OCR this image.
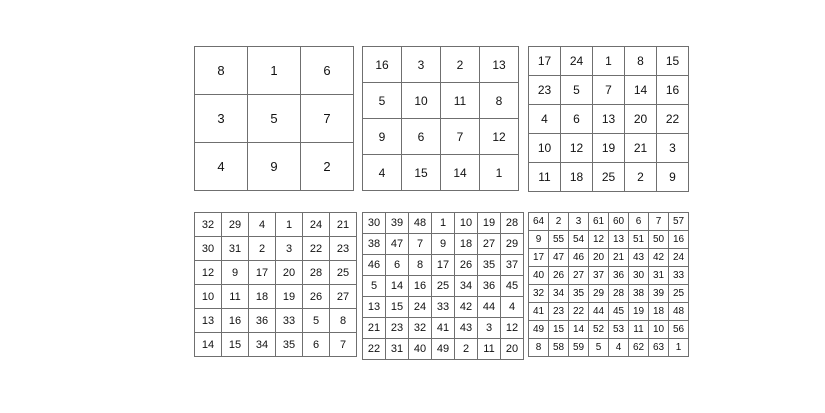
8	1	6
3	5	7
4	9	2
16	3	2	13
5	10	11	8
9	6	7	12
4	15	14	1
17	24	1	8	15
23	5	7	14	16
4	6	13	20	22
10	12	19	21	3
11	18	25	2	9
32	29	4	1	24	21
30	31	2	3	22	23
12	9	17	20	28	25
10	11	18	19	26	27
13	16	36	33	5	8
14	15	34	35	6	7
30	39	48	1	10	19	28
38	47	7	9	18	27	29
46	6	8	17	26	35	37
5	14	16	25	34	36	45
13	15	24	33	42	44	4
21	23	32	41	43	3	12
22	31	40	49	2	11	20
64	2	3	61	60	6	7	57
9	55	54	12	13	51	50	16
17	47	46	20	21	43	42	24
40	26	27	37	36	30	31	33
32	34	35	29	28	38	39	25
41	23	22	44	45	19	18	48
49	15	14	52	53	11	10	56
8	58	59	5	4	62	63	1
